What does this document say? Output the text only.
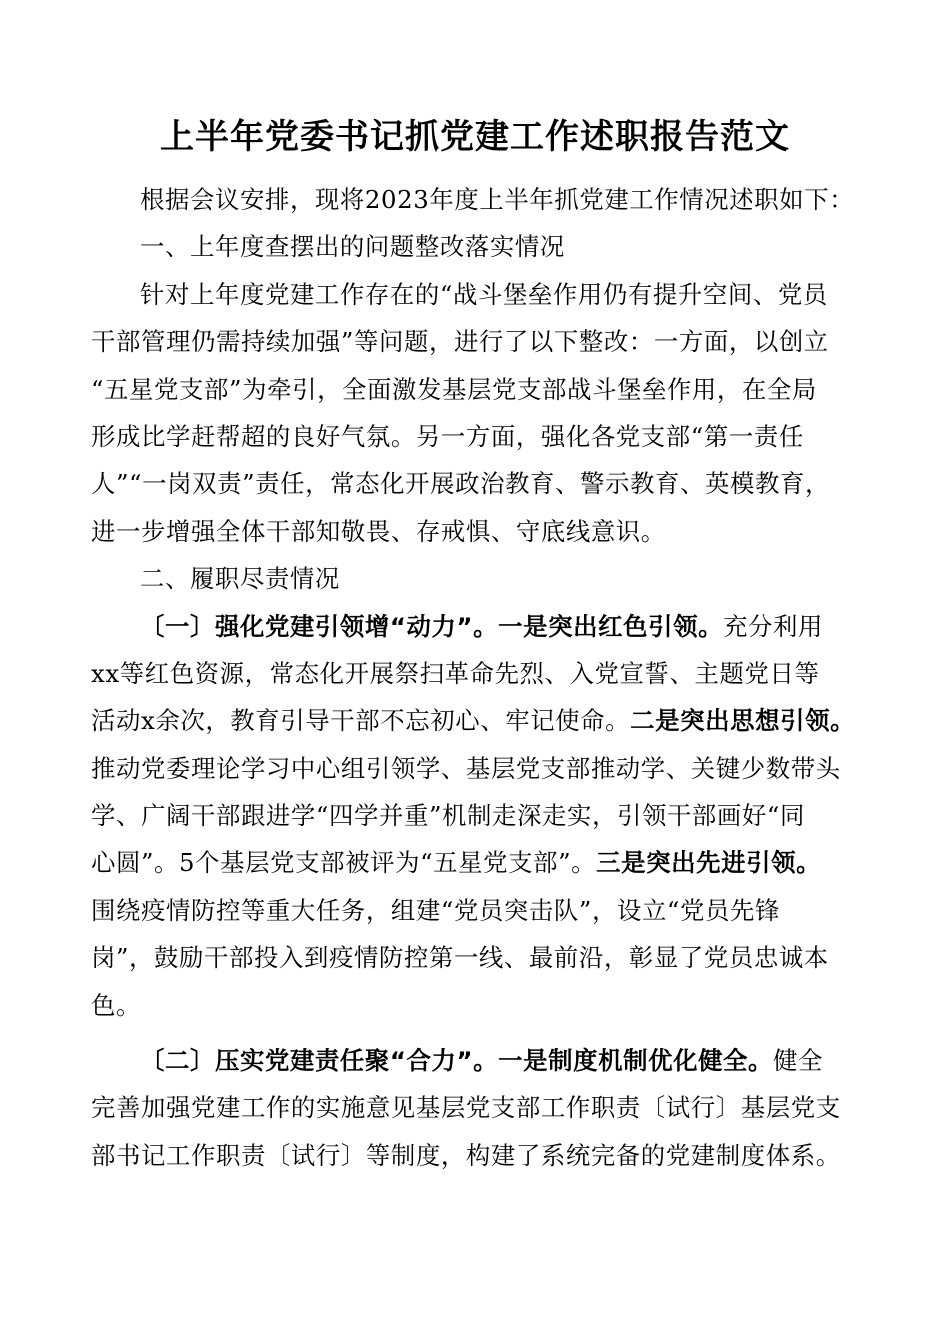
上半年党委书记抓党建工作述职报告范文
根据会议安排，现将2023年度上半年抓党建工作情况述职如下：
一、上年度查摆出的问题整改落实情况
针对上年度党建工作存在的“战斗堡垒作用仍有提升空间、党员
干部管理仍需持续加强”等问题，进行了以下整改：一方面，以创立
“五星党支部”为牵引，全面激发基层党支部战斗堡垒作用，在全局
形成比学赶帮超的良好气氛。另一方面，强化各党支部“第一责任
人”“一岗双责”责任，常态化开展政治教育、警示教育、英模教育，
进一步增强全体干部知敬畏、存戒惧、守底线意识。
二、履职尽责情况
〔一〕强化党建引领增“动力”。一是突出红色引领。充分利用
xx等红色资源，常态化开展祭扫革命先烈、入党宣誓、主题党日等
活动x余次，教育引导干部不忘初心、牢记使命。二是突出思想引领。
推动党委理论学习中心组引领学、基层党支部推动学、关键少数带头
学、广阔干部跟进学“四学并重”机制走深走实，引领干部画好“同
心圆”。5个基层党支部被评为“五星党支部”。三是突出先进引领。
围绕疫情防控等重大任务，组建“党员突击队”，设立“党员先锋
岗”，鼓励干部投入到疫情防控第一线、最前沿，彰显了党员忠诚本
色。
〔二〕压实党建责任聚“合力”。一是制度机制优化健全。健全
完善加强党建工作的实施意见基层党支部工作职责〔试行〕基层党支
部书记工作职责〔试行〕等制度，构建了系统完备的党建制度体系。
